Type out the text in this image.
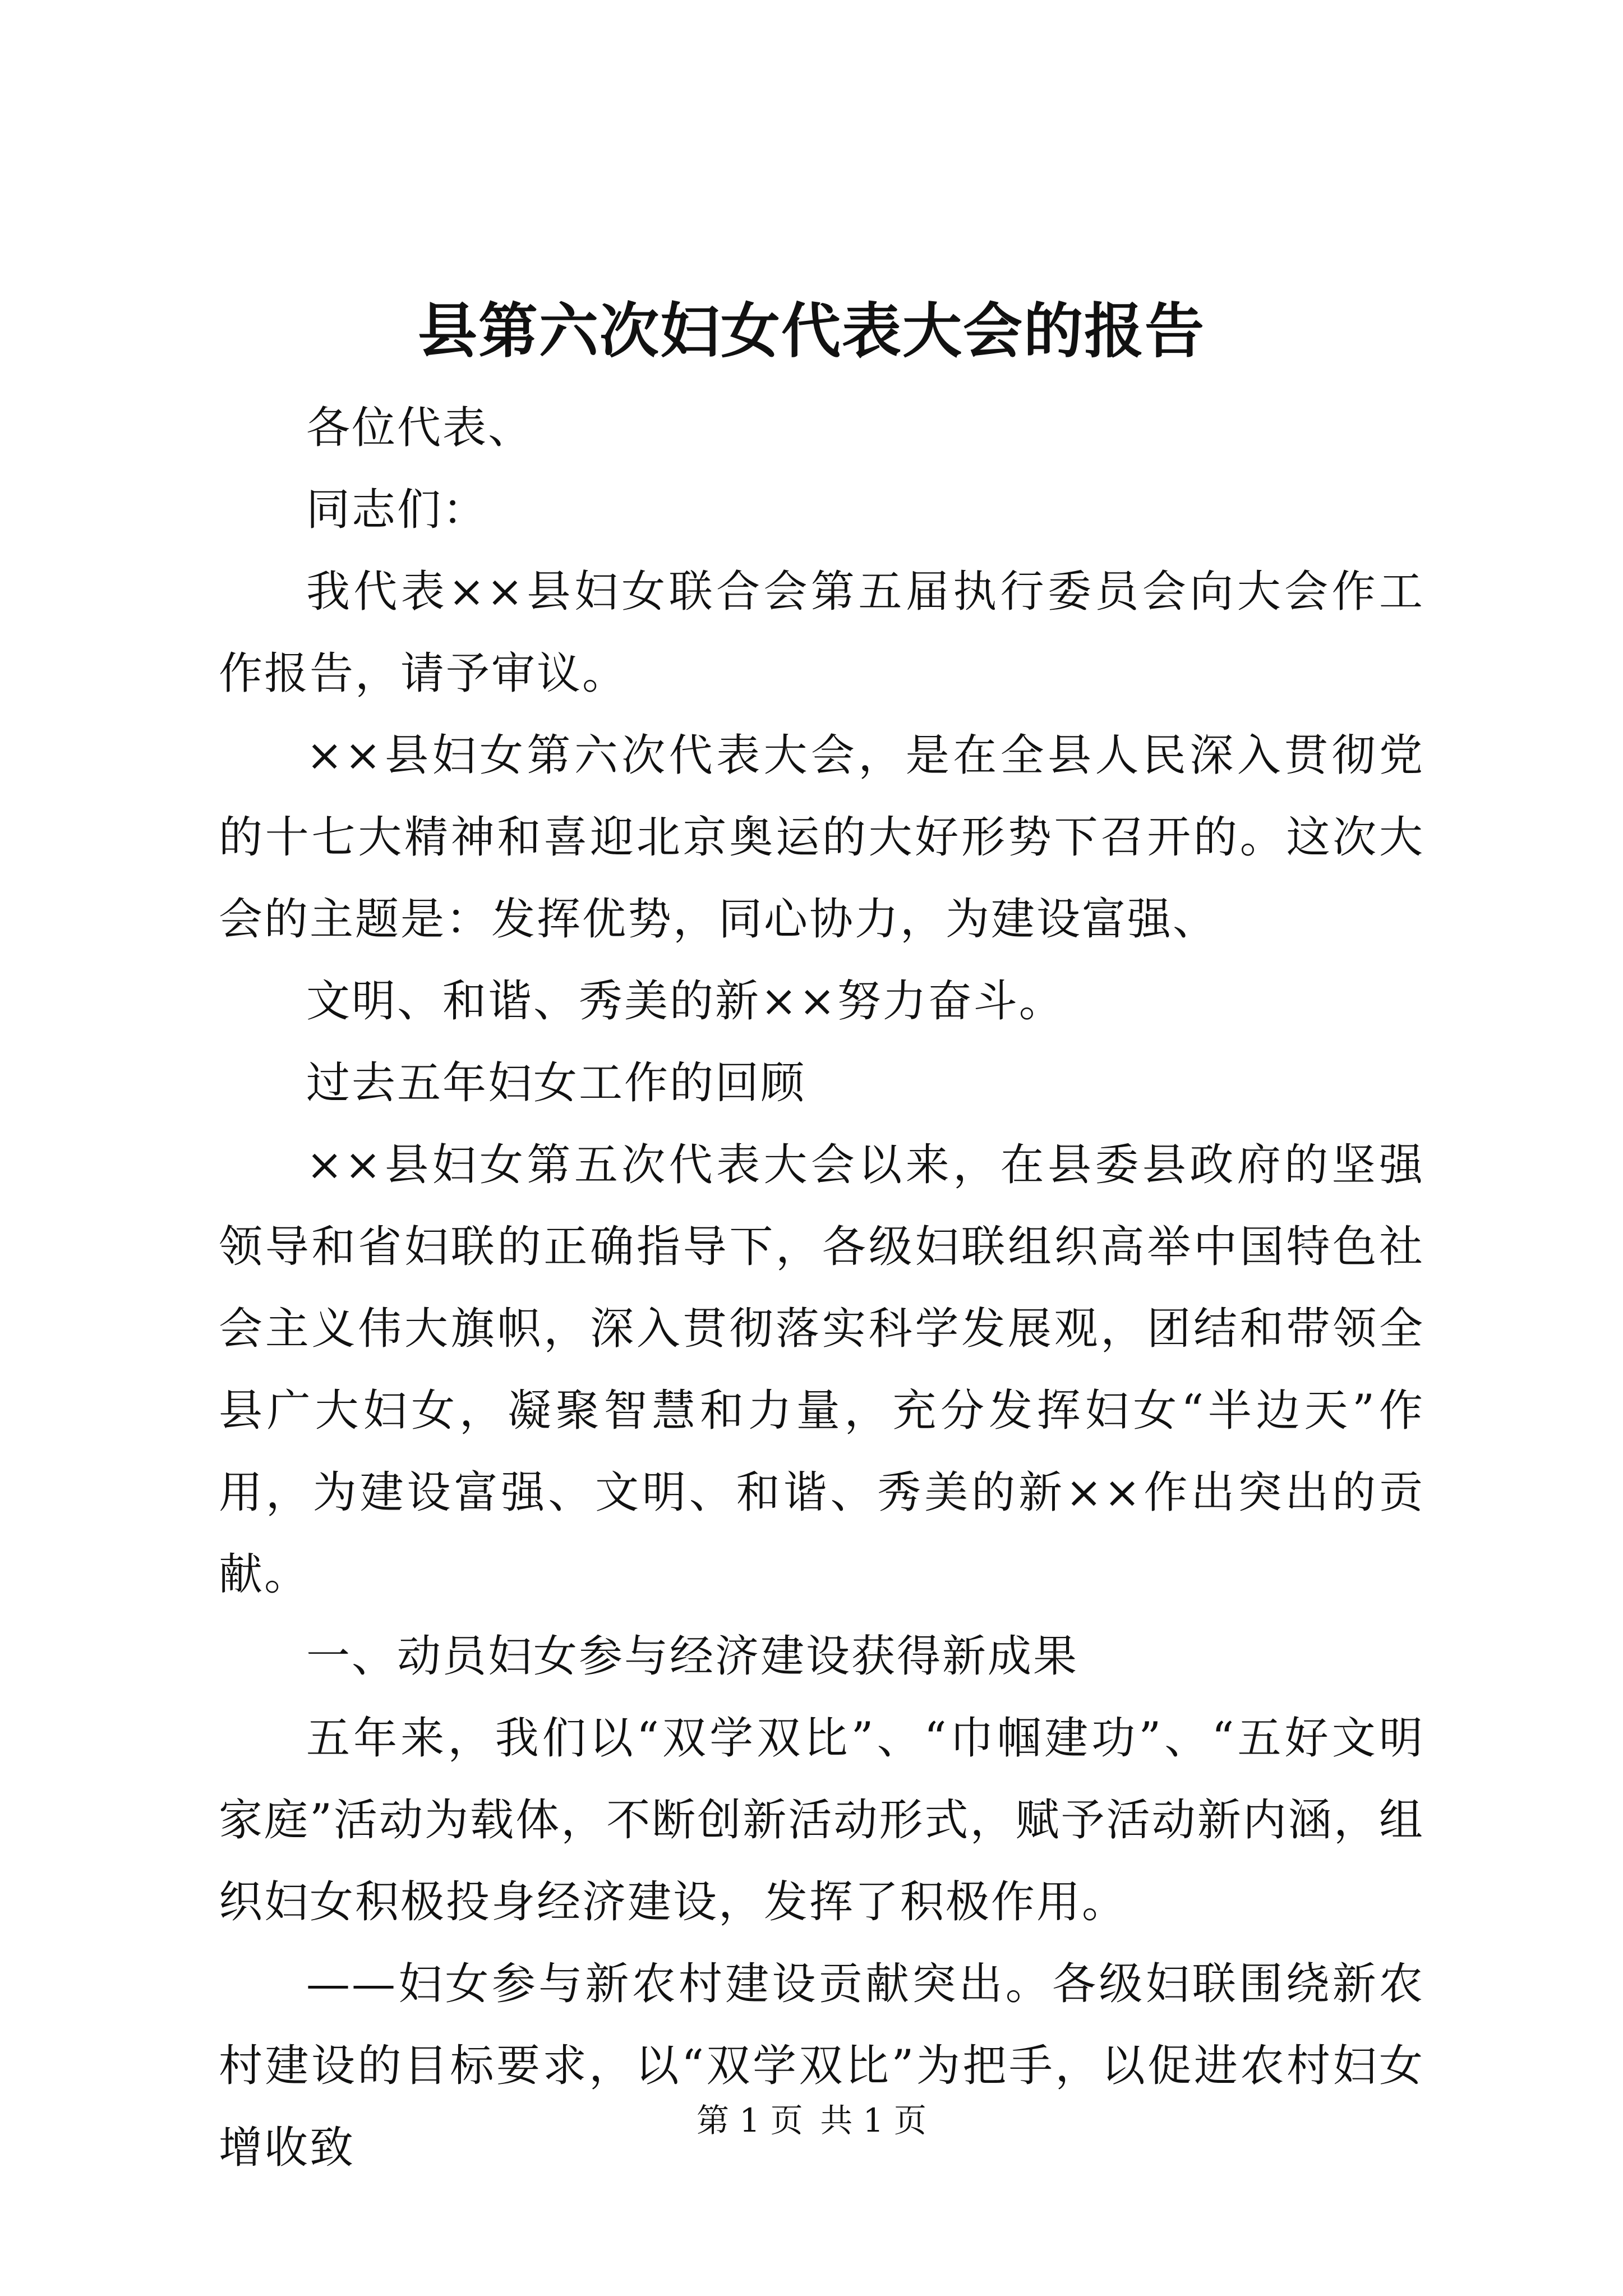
县第六次妇女代表大会的报告

各位代表、

同志们：

我代表××县妇女联合会第五届执行委员会向大会作工作报告，请予审议。

××县妇女第六次代表大会，是在全县人民深入贯彻党的十七大精神和喜迎北京奥运的大好形势下召开的。这次大会的主题是：发挥优势，同心协力，为建设富强、

文明、和谐、秀美的新××努力奋斗。

过去五年妇女工作的回顾

××县妇女第五次代表大会以来，在县委县政府的坚强领导和省妇联的正确指导下，各级妇联组织高举中国特色社会主义伟大旗帜，深入贯彻落实科学发展观，团结和带领全县广大妇女，凝聚智慧和力量，充分发挥妇女“半边天”作用，为建设富强、文明、和谐、秀美的新××作出突出的贡献。

一、动员妇女参与经济建设获得新成果

五年来，我们以“双学双比”、“巾帼建功”、“五好文明家庭”活动为载体，不断创新活动形式，赋予活动新内涵，组织妇女积极投身经济建设，发挥了积极作用。

——妇女参与新农村建设贡献突出。各级妇联围绕新农村建设的目标要求，以“双学双比”为把手，以促进农村妇女增收致

第 1 页 共 1 页
